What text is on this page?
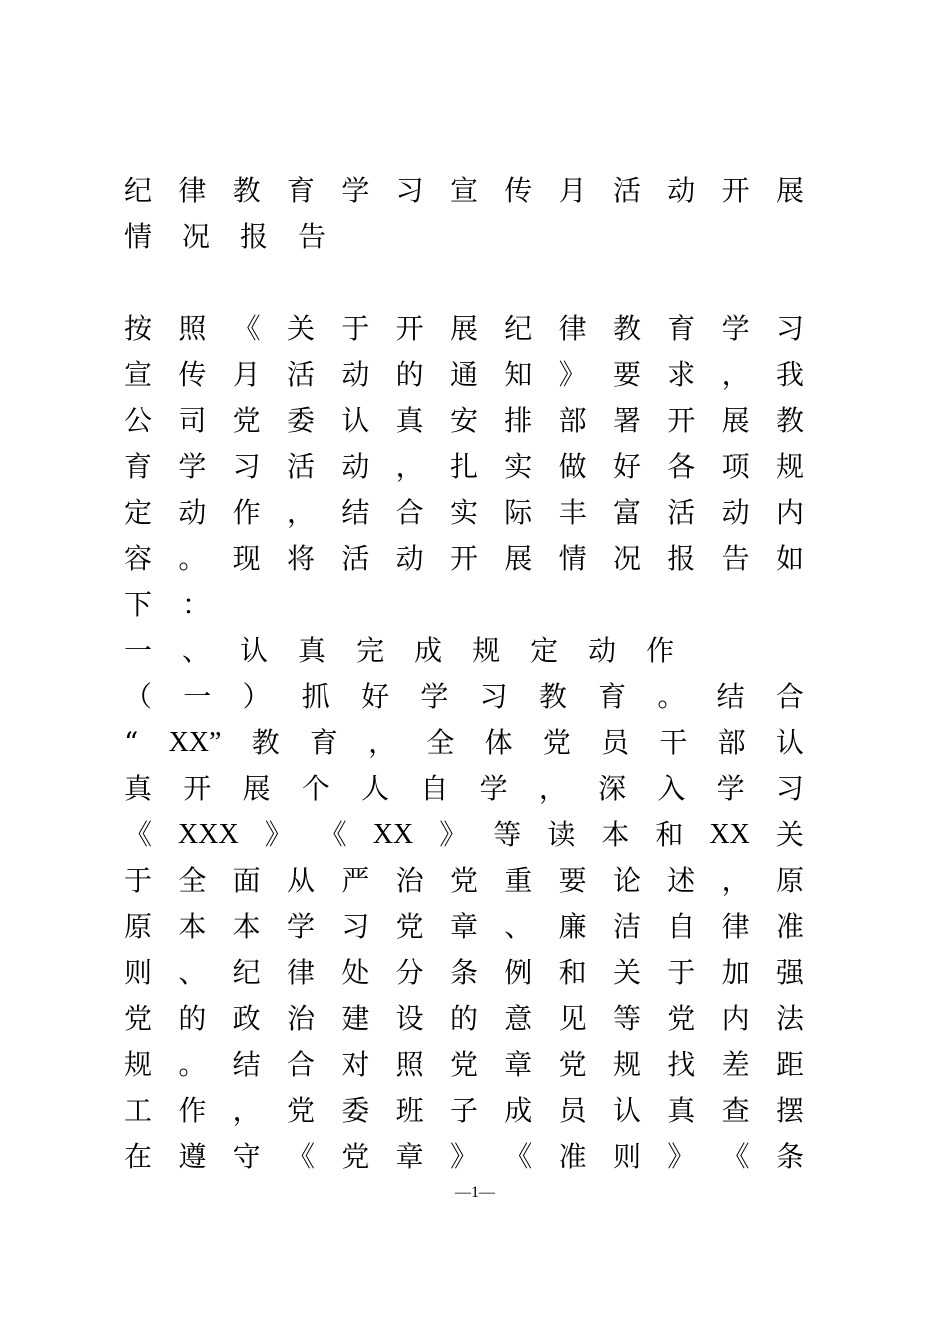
纪 律 教 育 学 习 宣 传 月 活 动 开 展
情 况 报 告
按 照 《 关 于 开 展 纪 律 教 育 学 习
宣 传 月 活 动 的 通 知 》 要 求 ， 我
公 司 党 委 认 真 安 排 部 署 开 展 教
育 学 习 活 动 ， 扎 实 做 好 各 项 规
定 动 作 ， 结 合 实 际 丰 富 活 动 内
容 。 现 将 活 动 开 展 情 况 报 告 如
下 ：
一 、 认 真 完 成 规 定 动 作
（ 一 ） 抓 好 学 习 教 育 。 结 合
“ XX” 教 育 ， 全 体 党 员 干 部 认
真 开 展 个 人 自 学 ， 深 入 学 习
《 XXX 》 《 XX 》 等 读 本 和 XX 关
于 全 面 从 严 治 党 重 要 论 述 ， 原
原 本 本 学 习 党 章 、 廉 洁 自 律 准
则 、 纪 律 处 分 条 例 和 关 于 加 强
党 的 政 治 建 设 的 意 见 等 党 内 法
规 。 结 合 对 照 党 章 党 规 找 差 距
工 作 ， 党 委 班 子 成 员 认 真 查 摆
在 遵 守 《 党 章 》 《 准 则 》 《 条
—1—
